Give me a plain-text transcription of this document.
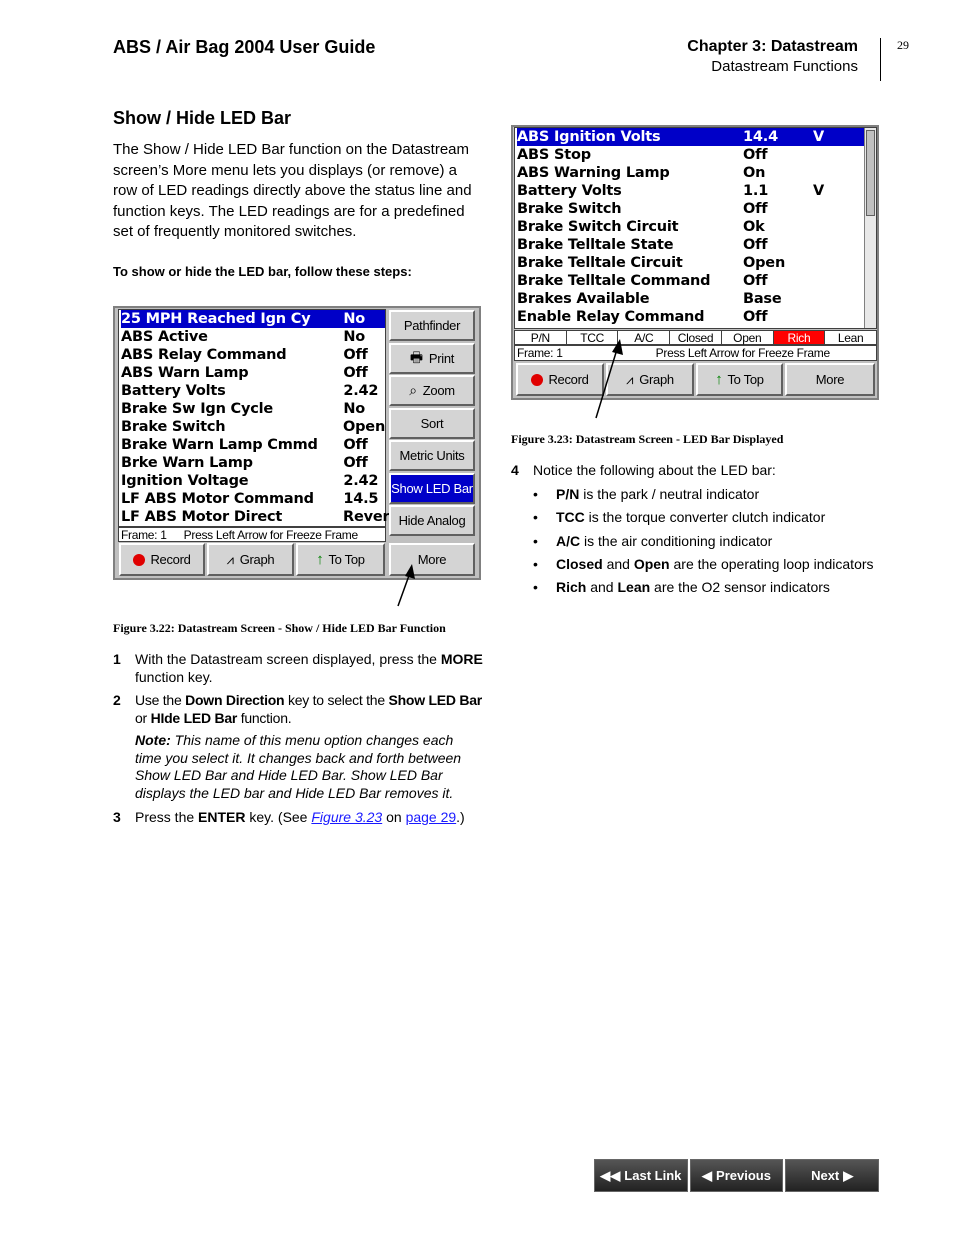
ABS / Air Bag 2004 User Guide	Chapter 3: Datastream
Datastream Functions
29
Show / Hide LED Bar
The Show / Hide LED Bar function on the Datastream screen’s More menu lets you displays (or remove) a row of LED readings directly above the status line and function keys. The LED readings are for a predefined set of frequently monitored switches.
To show or hide the LED bar, follow these steps:
25 MPH Reached Ign Cy	No
ABS Active	No
ABS Relay Command	Off
ABS Warn Lamp	Off
Battery Volts	2.42
Brake Sw Ign Cycle	No
Brake Switch	Open
Brake Warn Lamp Cmmd	Off
Brke Warn Lamp	Off
Ignition Voltage	2.42
LF ABS Motor Command	14.5
LF ABS Motor Direct	Rever
Pathfinder
🖶 Print
⌕ Zoom
Sort
Metric Units
Show LED Bar
Hide Analog
Frame: 1 Press Left Arrow for Freeze Frame
Record	⩘ Graph	↑ To Top	More
Figure 3.22: Datastream Screen - Show / Hide LED Bar Function
1 With the Datastream screen displayed, press the MORE
function key.
2 Use the Down Direction key to select the Show LED Bar
or HIde LED Bar function.
Note: This name of this menu option changes each time you select it. It changes back and forth between Show LED Bar and Hide LED Bar. Show LED Bar displays the LED bar and Hide LED Bar removes it.
3 Press the ENTER key. (See Figure 3.23 on page 29.)
ABS Ignition Volts	14.4	V
ABS Stop	Off
ABS Warning Lamp	On
Battery Volts	1.1	V
Brake Switch	Off
Brake Switch Circuit	Ok
Brake Telltale State	Off
Brake Telltale Circuit	Open
Brake Telltale Command	Off
Brakes Available	Base
Enable Relay Command	Off
P/N	TCC	A/C	Closed	Open	Rich	Lean
Frame: 1	Press Left Arrow for Freeze Frame
Record	⩘ Graph	↑ To Top	More
Figure 3.23: Datastream Screen - LED Bar Displayed
4 Notice the following about the LED bar:
• P/N is the park / neutral indicator
• TCC is the torque converter clutch indicator
• A/C is the air conditioning indicator
• Closed and Open are the operating loop indicators
• Rich and Lean are the O2 sensor indicators
◀◀ Last Link ◀ Previous	Next ▶
